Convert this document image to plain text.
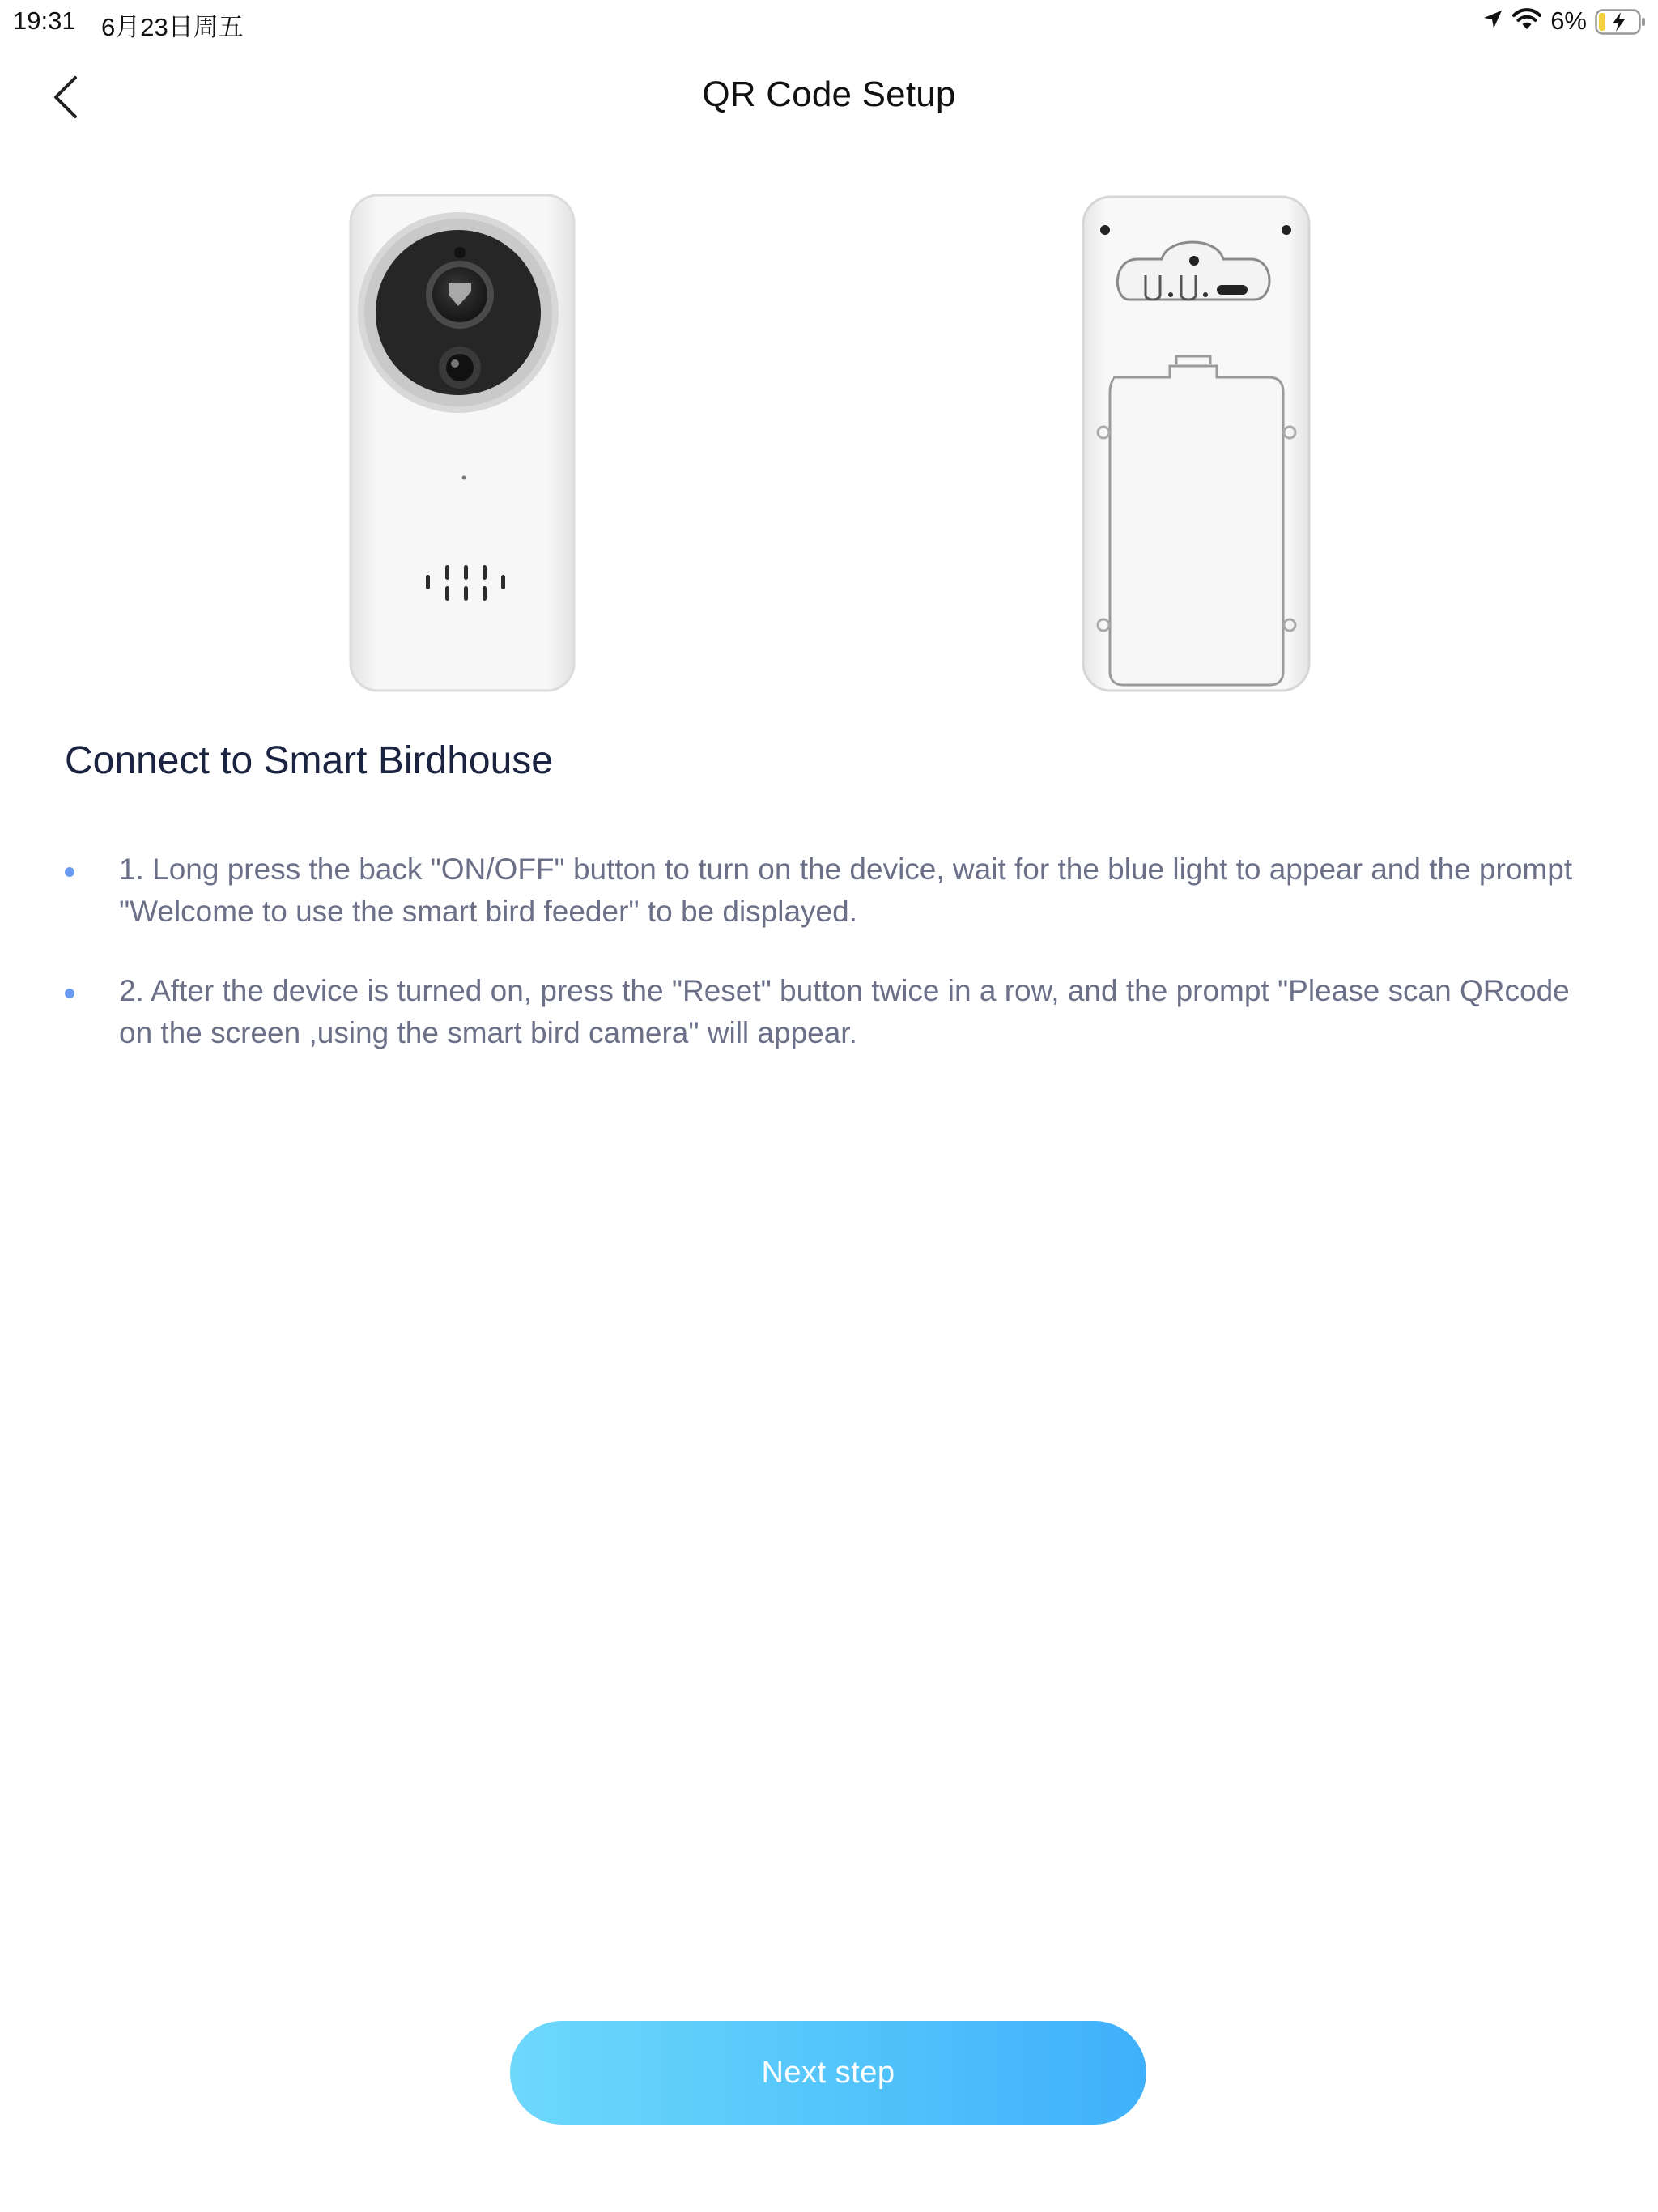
19:31 6月23日周五	6%
QR Code Setup
Connect to Smart Birdhouse
1. Long press the back "ON/OFF" button to turn on the device, wait for the blue light to appear and the prompt "Welcome to use the smart bird feeder" to be displayed.
2. After the device is turned on, press the "Reset" button twice in a row, and the prompt "Please scan QRcode on the screen ,using the smart bird camera" will appear.
Next step
